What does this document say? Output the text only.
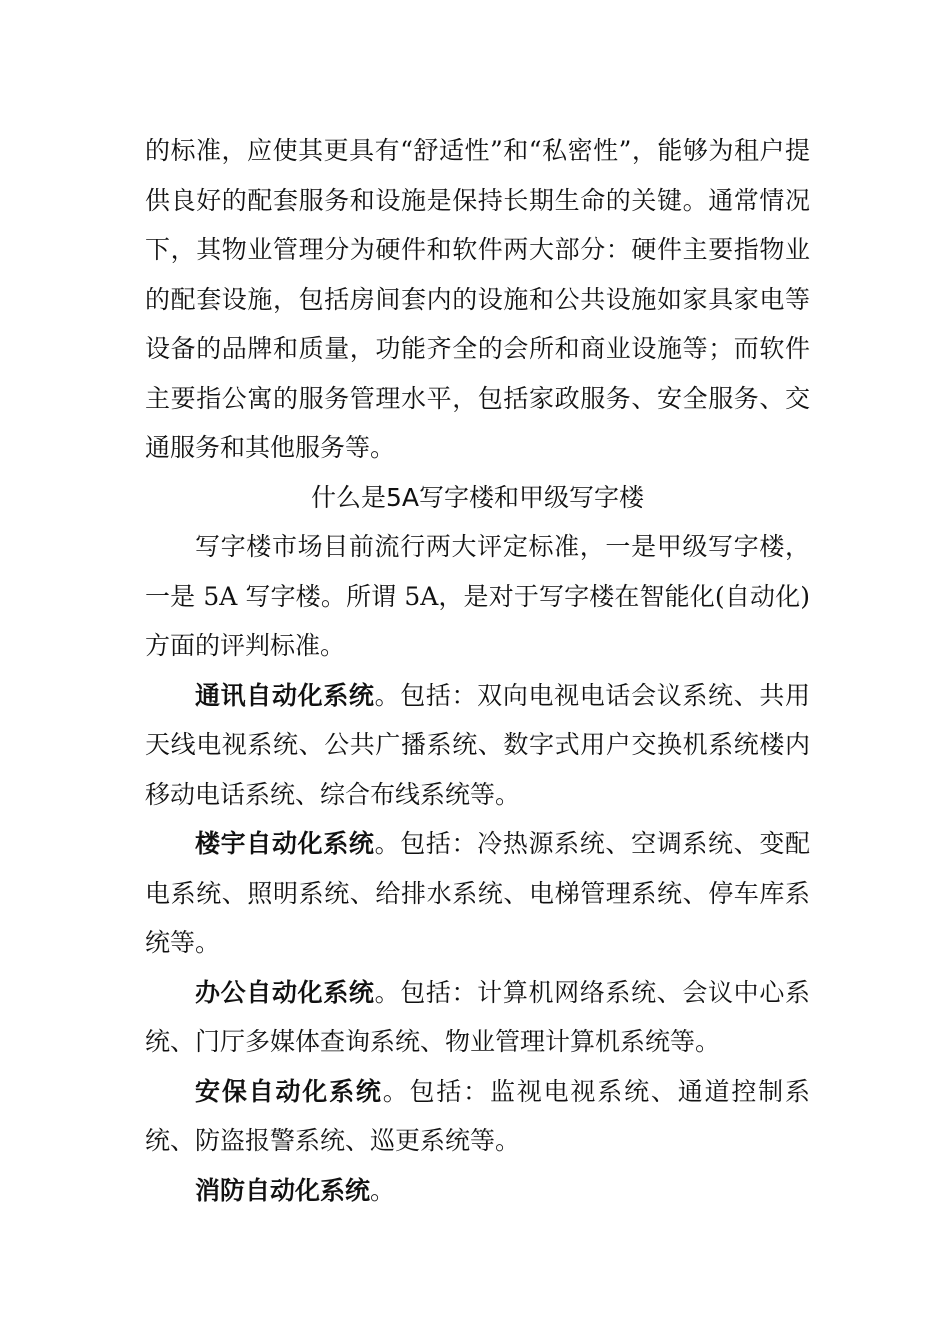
的标准，应使其更具有“舒适性”和“私密性”，能够为租户提供良好的配套服务和设施是保持长期生命的关键。通常情况下，其物业管理分为硬件和软件两大部分：硬件主要指物业的配套设施，包括房间套内的设施和公共设施如家具家电等设备的品牌和质量，功能齐全的会所和商业设施等；而软件主要指公寓的服务管理水平，包括家政服务、安全服务、交通服务和其他服务等。

什么是5A写字楼和甲级写字楼

写字楼市场目前流行两大评定标准，一是甲级写字楼，一是 5A 写字楼。所谓 5A，是对于写字楼在智能化(自动化)方面的评判标准。

通讯自动化系统。包括：双向电视电话会议系统、共用天线电视系统、公共广播系统、数字式用户交换机系统楼内移动电话系统、综合布线系统等。

楼宇自动化系统。包括：冷热源系统、空调系统、变配电系统、照明系统、给排水系统、电梯管理系统、停车库系统等。

办公自动化系统。包括：计算机网络系统、会议中心系统、门厅多媒体查询系统、物业管理计算机系统等。

安保自动化系统。包括：监视电视系统、通道控制系统、防盗报警系统、巡更系统等。

消防自动化系统。
